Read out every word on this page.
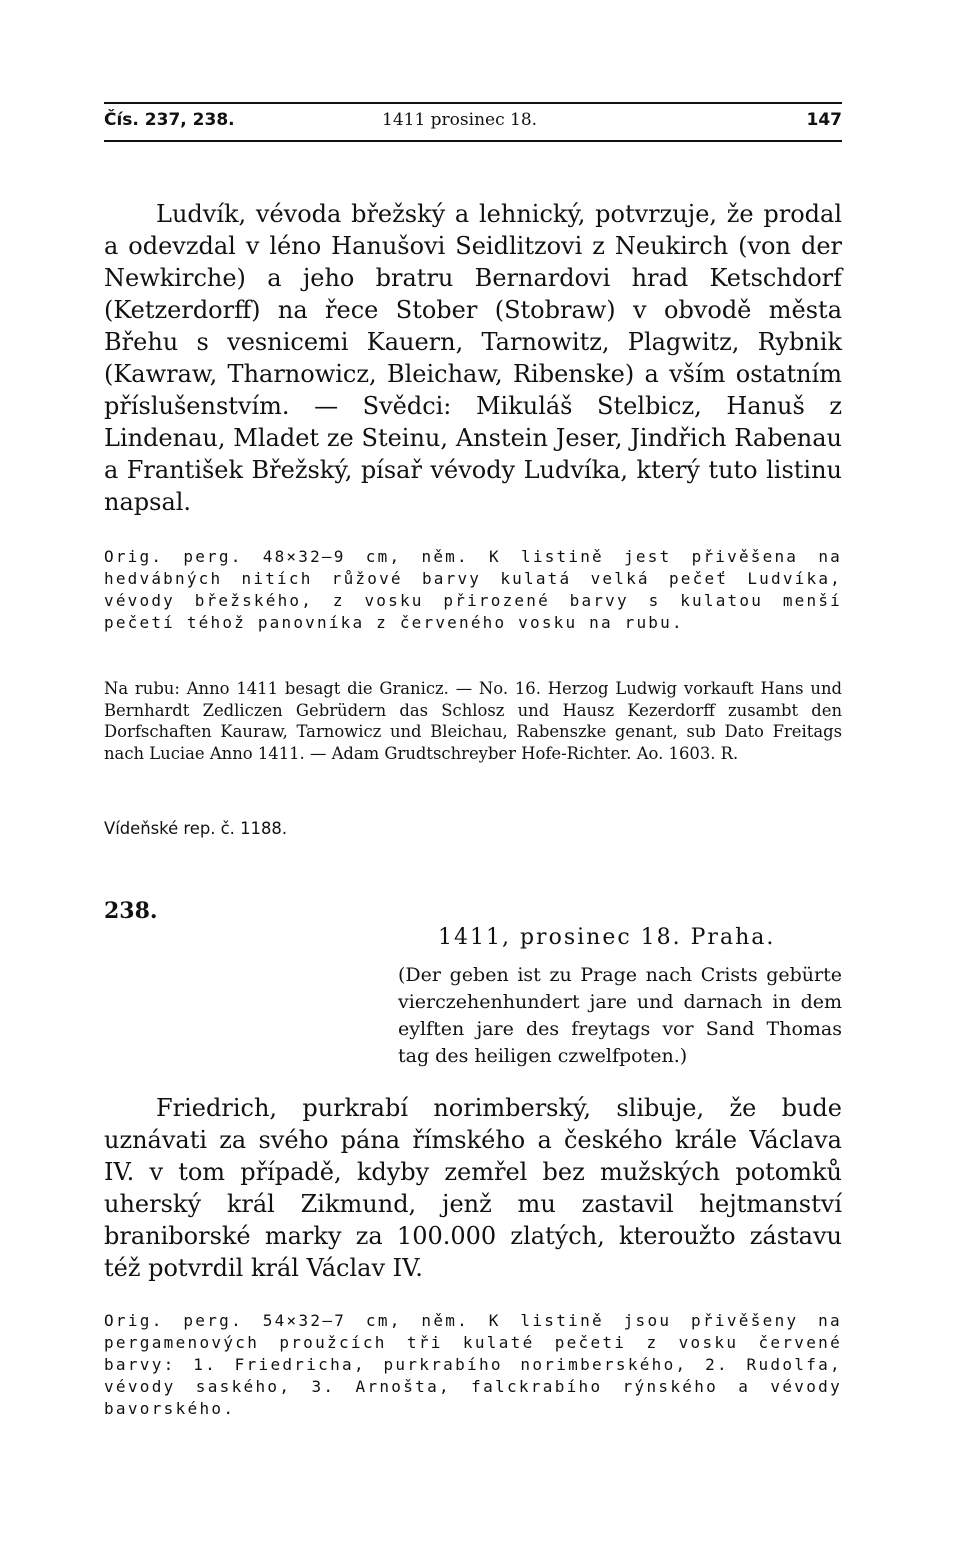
Čís. 237, 238.	1411 prosinec 18.	147

Ludvík, vévoda břežský a lehnický, potvrzuje, že prodal a odevzdal v léno Hanušovi Seidlitzovi z Neukirch (von der Newkirche) a jeho bratru Bernardovi hrad Ketschdorf (Ketzerdorff) na řece Stober (Stobraw) v obvodě města Břehu s vesnicemi Kauern, Tarnowitz, Plagwitz, Rybnik (Kawraw, Tharnowicz, Bleichaw, Ribenske) a vším ostatním příslušenstvím. — Svědci: Mikuláš Stelbicz, Hanuš z Lindenau, Mladet ze Steinu, Anstein Jeser, Jindřich Rabenau a František Břežský, písař vévody Ludvíka, který tuto listinu napsal.

Orig. perg. 48×32—9 cm, něm. K listině jest přivěšena na hedvábných nitích růžové barvy kulatá velká pečeť Ludvíka, vévody břežského, z vosku přirozené barvy s kulatou menší pečetí téhož panovníka z červeného vosku na rubu.

Na rubu: Anno 1411 besagt die Granicz. — No. 16. Herzog Ludwig vorkauft Hans und Bernhardt Zedliczen Gebrüdern das Schlosz und Hausz Kezerdorff zusambt den Dorfschaften Kauraw, Tarnowicz und Bleichau, Rabenszke genant, sub Dato Freitags nach Luciae Anno 1411. — Adam Grudtschreyber Hofe-Richter. Ao. 1603. R.

Vídeňské rep. č. 1188.

238.
1411, prosinec 18. Praha.

(Der geben ist zu Prage nach Crists gebürte vierczehenhundert jare und darnach in dem eylften jare des freytags vor Sand Thomas tag des heiligen czwelfpoten.)

Friedrich, purkrabí norimberský, slibuje, že bude uznávati za svého pána římského a českého krále Václava IV. v tom případě, kdyby zemřel bez mužských potomků uherský král Zikmund, jenž mu zastavil hejtmanství braniborské marky za 100.000 zlatých, kteroužto zástavu též potvrdil král Václav IV.

Orig. perg. 54×32—7 cm, něm. K listině jsou přivěšeny na pergamenových proužcích tři kulaté pečeti z vosku červené barvy: 1. Friedricha, purkrabího norimberského, 2. Rudolfa, vévody saského, 3. Arnošta, falckrabího rýnského a vévody bavorského.
